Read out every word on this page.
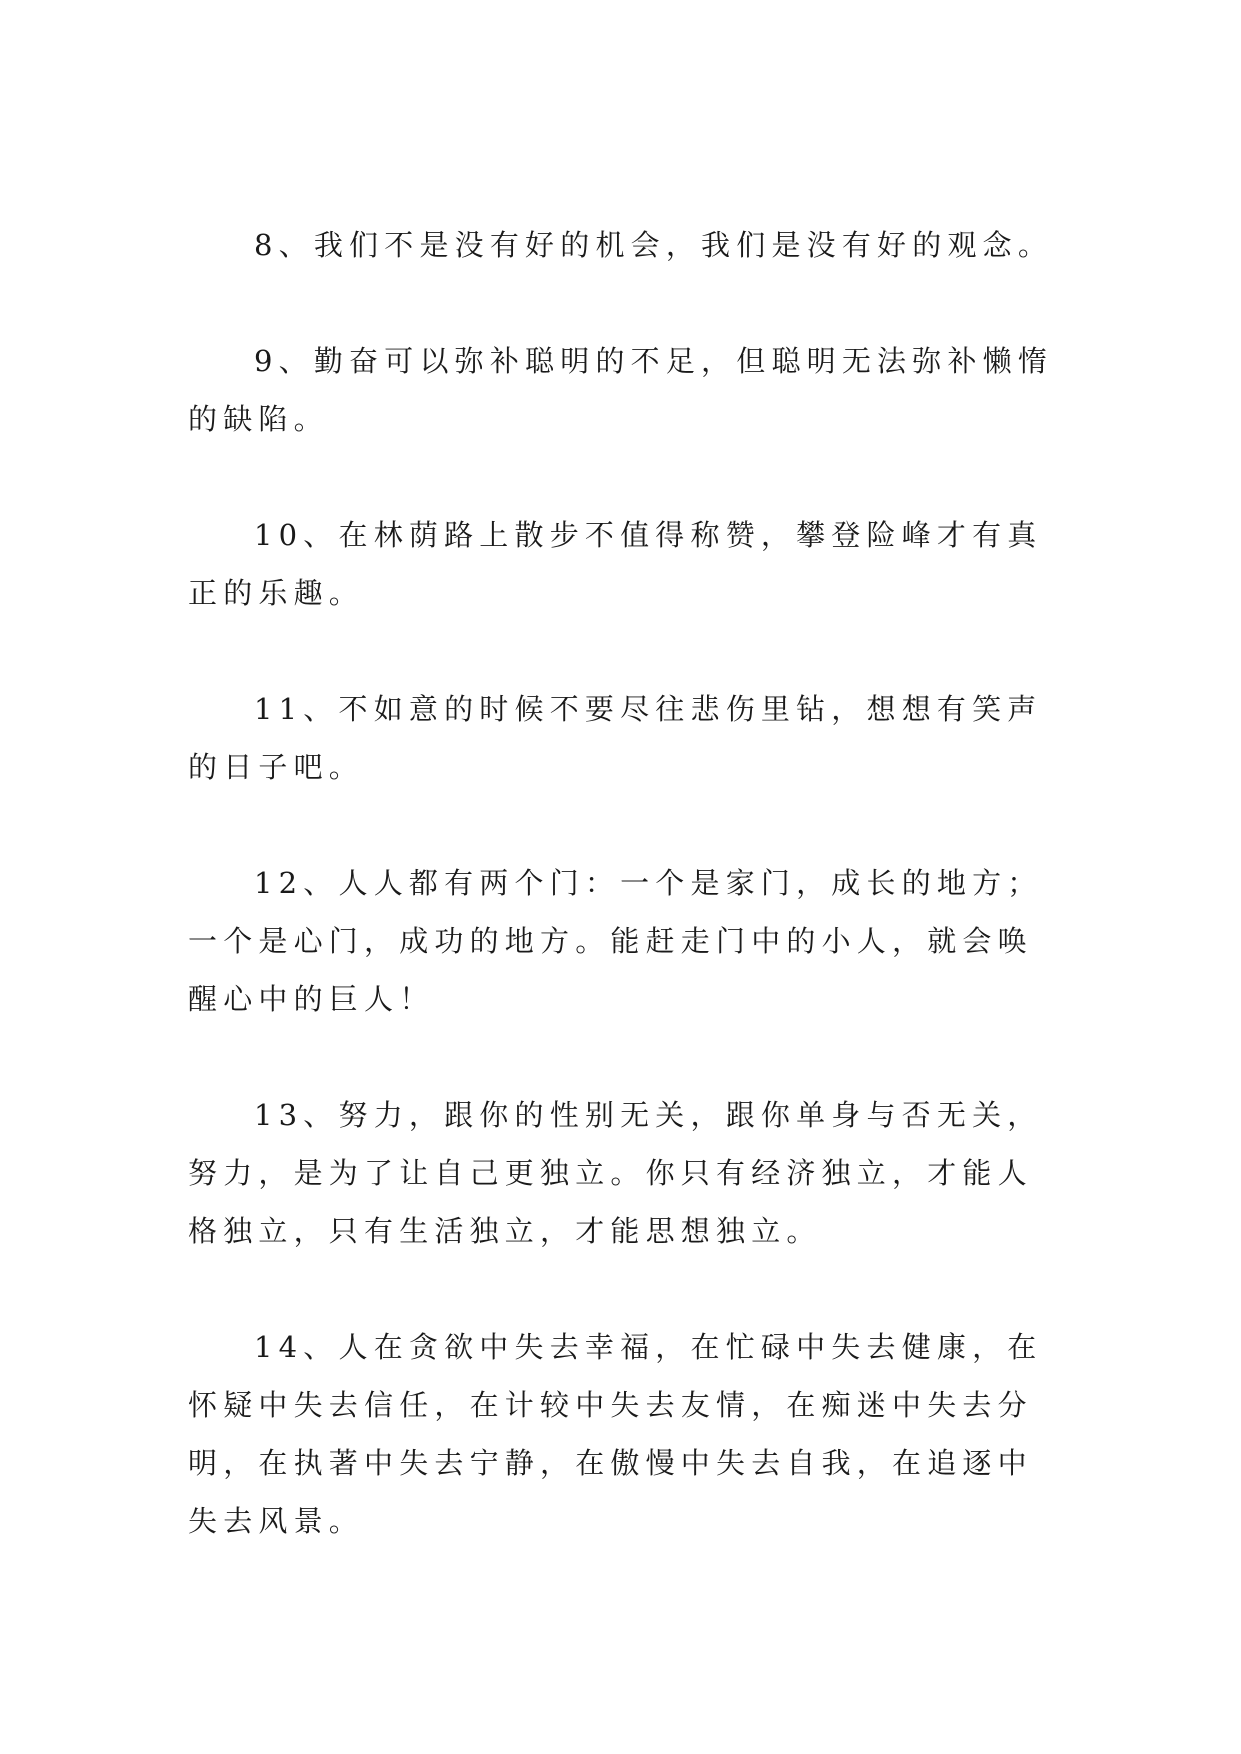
8、我们不是没有好的机会，我们是没有好的观念。

9、勤奋可以弥补聪明的不足，但聪明无法弥补懒惰的缺陷。

10、在林荫路上散步不值得称赞，攀登险峰才有真正的乐趣。

11、不如意的时候不要尽往悲伤里钻，想想有笑声的日子吧。

12、人人都有两个门：一个是家门，成长的地方；一个是心门，成功的地方。能赶走门中的小人，就会唤醒心中的巨人！

13、努力，跟你的性别无关，跟你单身与否无关，努力，是为了让自己更独立。你只有经济独立，才能人格独立，只有生活独立，才能思想独立。

14、人在贪欲中失去幸福，在忙碌中失去健康，在怀疑中失去信任，在计较中失去友情，在痴迷中失去分明，在执著中失去宁静，在傲慢中失去自我，在追逐中失去风景。
